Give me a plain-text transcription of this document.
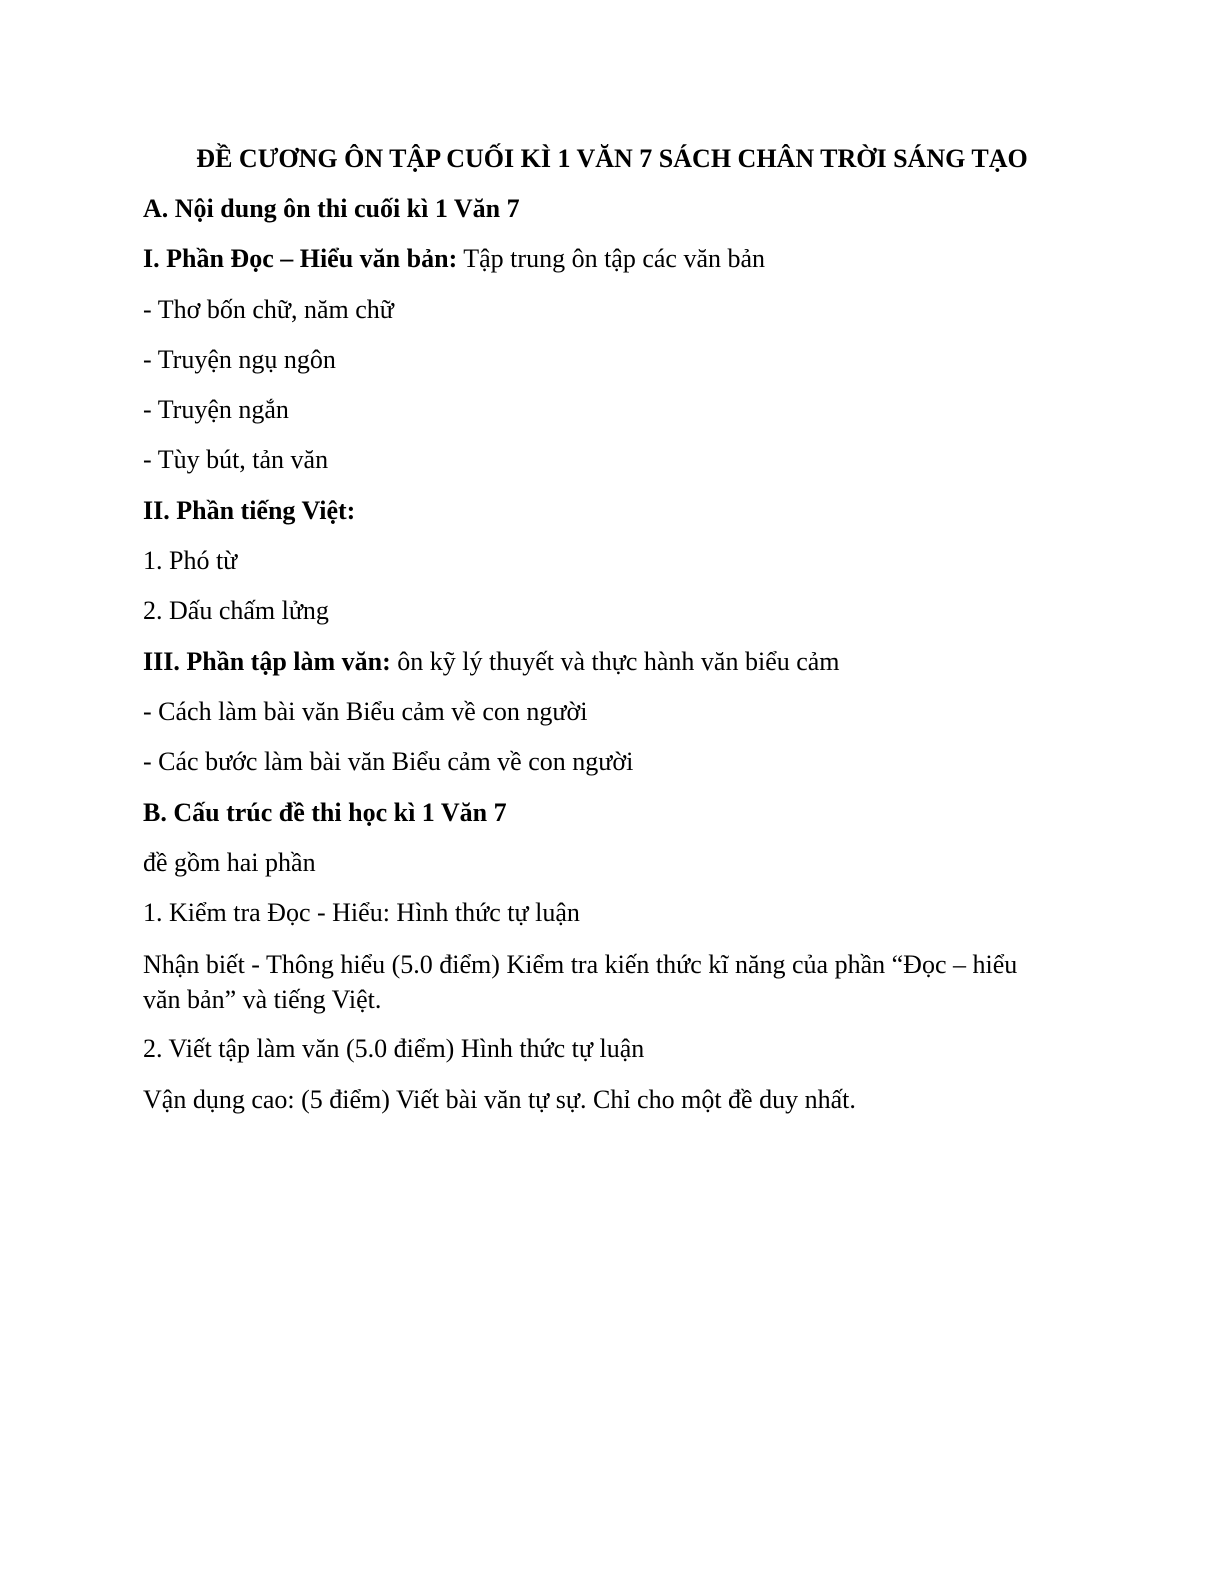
ĐỀ CƯƠNG ÔN TẬP CUỐI KÌ 1 VĂN 7 SÁCH CHÂN TRỜI SÁNG TẠO

A. Nội dung ôn thi cuối kì 1 Văn 7

I. Phần Đọc – Hiểu văn bản: Tập trung ôn tập các văn bản

- Thơ bốn chữ, năm chữ

- Truyện ngụ ngôn

- Truyện ngắn

- Tùy bút, tản văn

II. Phần tiếng Việt:

1. Phó từ

2. Dấu chấm lửng

III. Phần tập làm văn: ôn kỹ lý thuyết và thực hành văn biểu cảm

- Cách làm bài văn Biểu cảm về con người

- Các bước làm bài văn Biểu cảm về con người

B. Cấu trúc đề thi học kì 1 Văn 7

đề gồm hai phần

1. Kiểm tra Đọc - Hiểu: Hình thức tự luận

Nhận biết - Thông hiểu (5.0 điểm) Kiểm tra kiến thức kĩ năng của phần “Đọc – hiểu văn bản” và tiếng Việt.

2. Viết tập làm văn (5.0 điểm) Hình thức tự luận

Vận dụng cao: (5 điểm) Viết bài văn tự sự. Chỉ cho một đề duy nhất.
